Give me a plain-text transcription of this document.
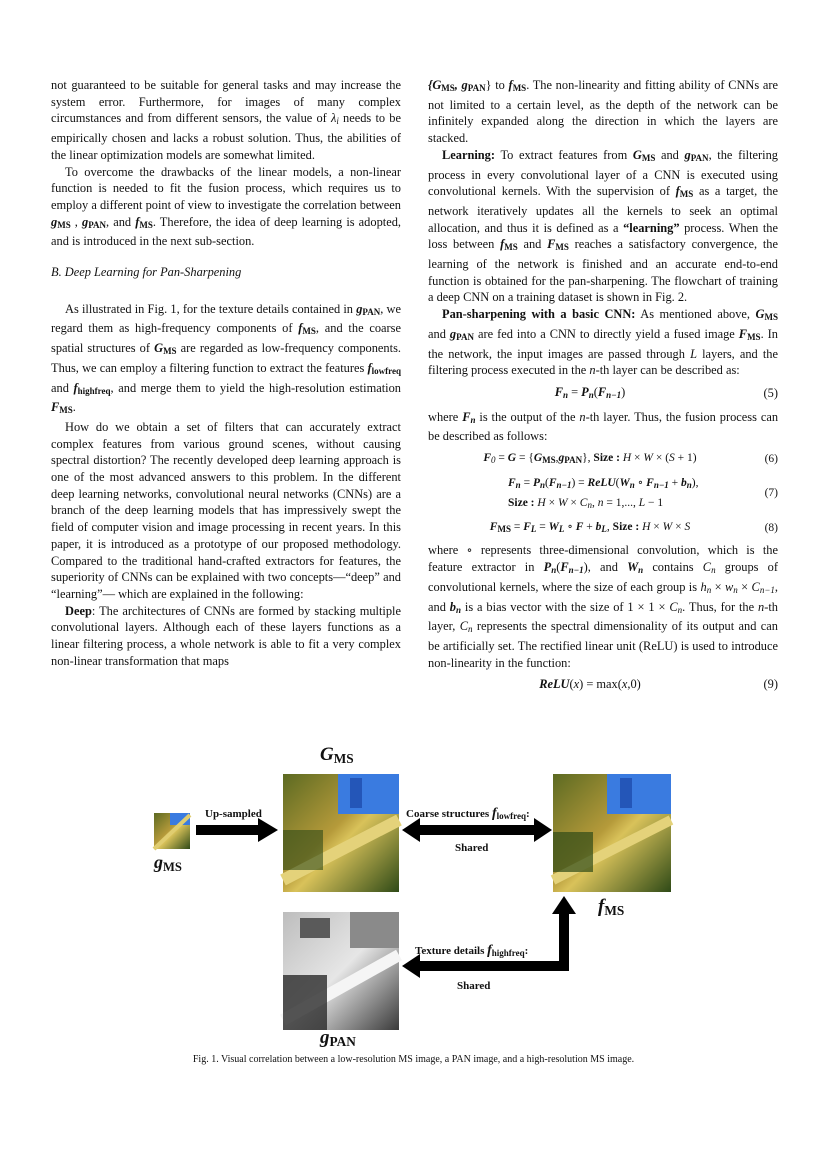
not guaranteed to be suitable for general tasks and may increase the system error. Furthermore, for images of many complex circumstances and from different sensors, the value of λi needs to be empirically chosen and lacks a robust solution. Thus, the abilities of the linear optimization models are somewhat limited.

To overcome the drawbacks of the linear models, a non-linear function is needed to fit the fusion process, which requires us to employ a different point of view to investigate the correlation between $g_{MS}$ , $g_{PAN}$, and $f_{MS}$. Therefore, the idea of deep learning is adopted, and is introduced in the next sub-section.

B. Deep Learning for Pan-Sharpening

As illustrated in Fig. 1, for the texture details contained in $g_{PAN}$, we regard them as high-frequency components of $f_{MS}$, and the coarse spatial structures of $G_{MS}$ are regarded as low-frequency components. Thus, we can employ a filtering function to extract the features $f_{lowfreq}$ and $f_{highfreq}$, and merge them to yield the high-resolution estimation $F_{MS}$.

How do we obtain a set of filters that can accurately extract complex features from various ground scenes, without causing spectral distortion? The recently developed deep learning approach is one of the most advanced answers to this problem. In the different deep learning networks, convolutional neural networks (CNNs) are a branch of the deep learning models that has impressively swept the field of computer vision and image processing in recent years. In this paper, it is introduced as a prototype of our proposed methodology. Compared to the traditional hand-crafted extractors for features, the superiority of CNNs can be explained with two concepts—“deep” and “learning”— which are explained in the following:

Deep: The architectures of CNNs are formed by stacking multiple convolutional layers. Although each of these layers functions as a linear filtering process, a whole network is able to fit a very complex non-linear transformation that maps

{$G_{MS}$, $g_{PAN}$} to $f_{MS}$. The non-linearity and fitting ability of CNNs are not limited to a certain level, as the depth of the network can be infinitely expanded along the direction in which the layers are stacked.

Learning: To extract features from $G_{MS}$ and $g_{PAN}$, the filtering process in every convolutional layer of a CNN is executed using convolutional kernels. With the supervision of $f_{MS}$ as a target, the network iteratively updates all the kernels to seek an optimal allocation, and thus it is defined as a “learning” process. When the loss between $f_{MS}$ and $F_{MS}$ reaches a satisfactory convergence, the learning of the network is finished and an accurate end-to-end function is obtained for the pan-sharpening. The flowchart of training a deep CNN on a training dataset is shown in Fig. 2.

Pan-sharpening with a basic CNN: As mentioned above, $G_{MS}$ and $g_{PAN}$ are fed into a CNN to directly yield a fused image $F_{MS}$. In the network, the input images are passed through L layers, and the filtering process executed in the n-th layer can be described as:

Fn = Pn(Fn−1)	(5)

where Fn is the output of the n-th layer. Thus, the fusion process can be described as follows:

$F0 = G = \{G_{MS},g_{PAN}\}$, Size : H × W × (S + 1)	(6)
Fn = Pn(Fn−1) = ReLU(Wn ∘ Fn−1 + bn),
Size : H × W × Cn, n = 1,..., L − 1
(7)
$F_{MS}$ = FL = WL ∘ F + bL, Size : H × W × S	(8)

where ∘ represents three-dimensional convolution, which is the feature extractor in Pn(Fn−1), and Wn contains Cn groups of convolutional kernels, where the size of each group is hn × wn × Cn−1, and bn is a bias vector with the size of 1 × 1 × Cn. Thus, for the n-th layer, Cn represents the spectral dimensionality of its output and can be artificially set. The rectified linear unit (ReLU) is used to introduce non-linearity in the function:

ReLU(x) = max(x,0)	(9)
GMS
gMS
fMS
gPAN
Up-sampled	Coarse structures flowfreq:
Shared
Texture details fhighfreq:
Shared
Fig. 1. Visual correlation between a low-resolution MS image, a PAN image, and a high-resolution MS image.
